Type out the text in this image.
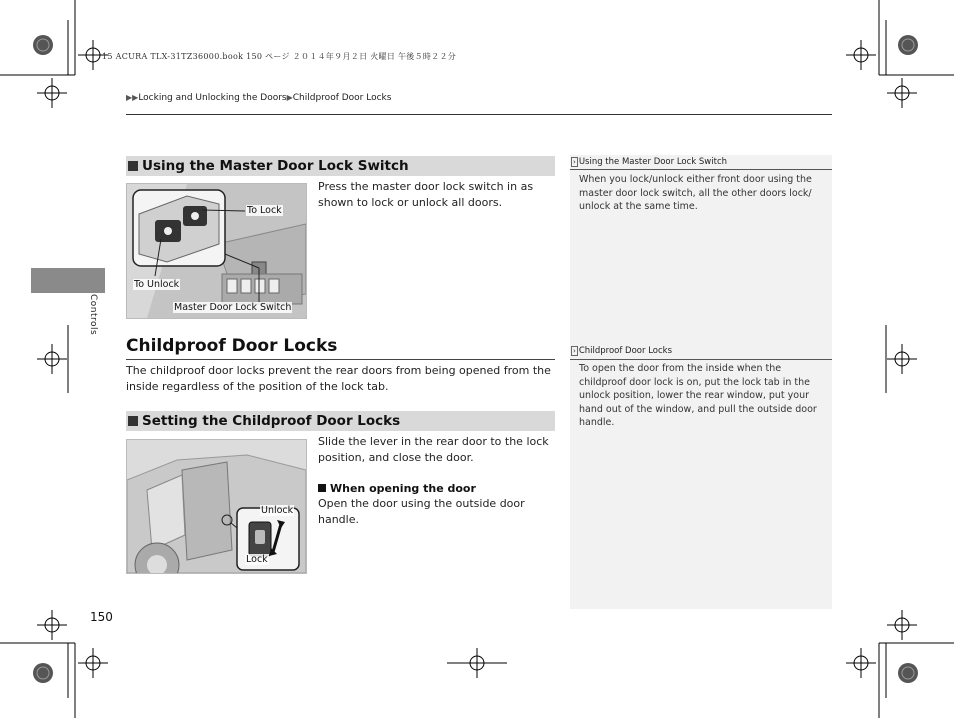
15 ACURA TLX-31TZ36000.book 150 ページ ２０１４年９月２日 火曜日 午後５時２２分
▶▶Locking and Unlocking the Doors▶Childproof Door Locks
Controls
Using the Master Door Lock Switch
To Lock
To Unlock
Master Door Lock Switch
Press the master door lock switch in as shown to lock or unlock all doors.
Childproof Door Locks
The childproof door locks prevent the rear doors from being opened from the inside regardless of the position of the lock tab.
Setting the Childproof Door Locks
Unlock
Lock
Slide the lever in the rear door to the lock position, and close the door.
When opening the door
Open the door using the outside door handle.
› Using the Master Door Lock Switch
When you lock/unlock either front door using the master door lock switch, all the other doors lock/ unlock at the same time.
› Childproof Door Locks
To open the door from the inside when the childproof door lock is on, put the lock tab in the unlock position, lower the rear window, put your hand out of the window, and pull the outside door handle.
150
